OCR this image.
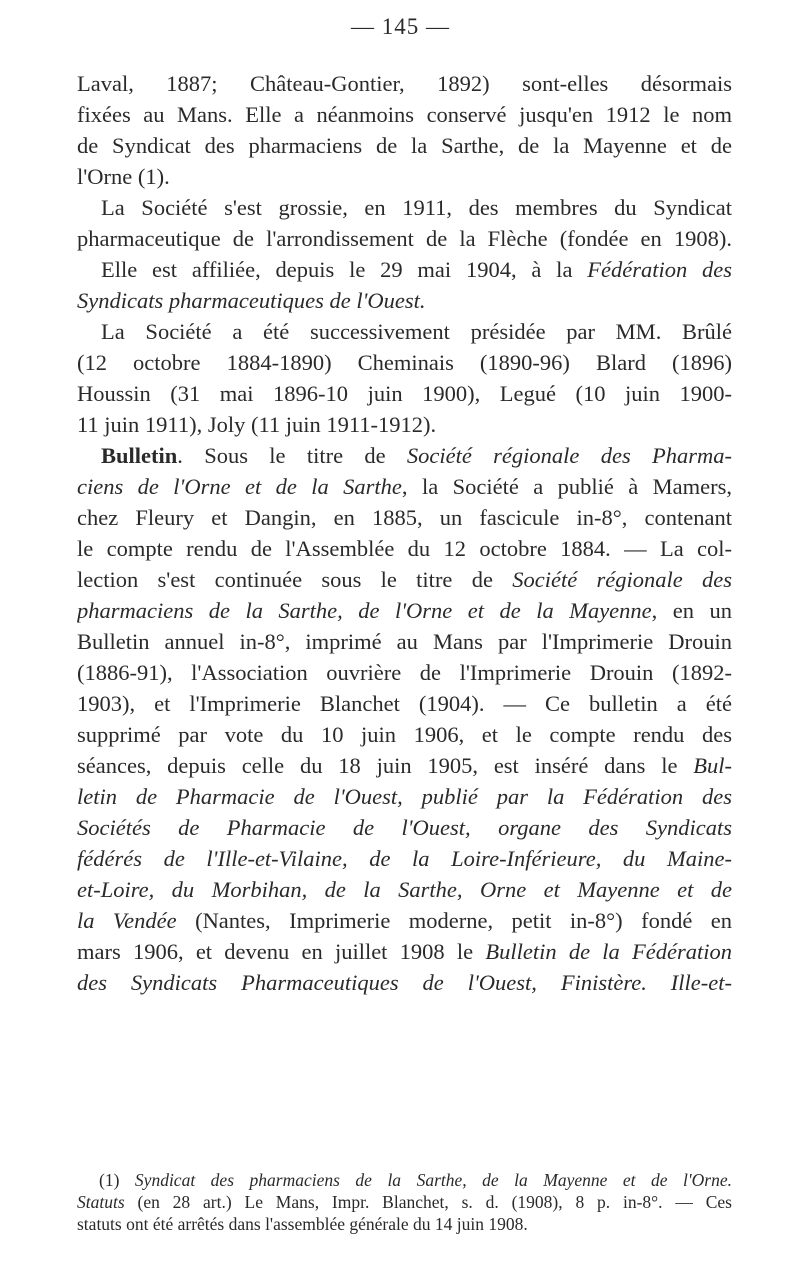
— 145 —
Laval, 1887; Château-Gontier, 1892) sont-elles désormais
fixées au Mans. Elle a néanmoins conservé jusqu'en 1912 le nom
de Syndicat des pharmaciens de la Sarthe, de la Mayenne et de
l'Orne (1).
La Société s'est grossie, en 1911, des membres du Syndicat
pharmaceutique de l'arrondissement de la Flèche (fondée en 1908).
Elle est affiliée, depuis le 29 mai 1904, à la Fédération des
Syndicats pharmaceutiques de l'Ouest.
La Société a été successivement présidée par MM. Brûlé
(12 octobre 1884-1890) Cheminais (1890-96) Blard (1896)
Houssin (31 mai 1896-10 juin 1900), Legué (10 juin 1900-
11 juin 1911), Joly (11 juin 1911-1912).
Bulletin. Sous le titre de Société régionale des Pharma-
ciens de l'Orne et de la Sarthe, la Société a publié à Mamers,
chez Fleury et Dangin, en 1885, un fascicule in-8°, contenant
le compte rendu de l'Assemblée du 12 octobre 1884. — La col-
lection s'est continuée sous le titre de Société régionale des
pharmaciens de la Sarthe, de l'Orne et de la Mayenne, en un
Bulletin annuel in-8°, imprimé au Mans par l'Imprimerie Drouin
(1886-91), l'Association ouvrière de l'Imprimerie Drouin (1892-
1903), et l'Imprimerie Blanchet (1904). — Ce bulletin a été
supprimé par vote du 10 juin 1906, et le compte rendu des
séances, depuis celle du 18 juin 1905, est inséré dans le Bul-
letin de Pharmacie de l'Ouest, publié par la Fédération des
Sociétés de Pharmacie de l'Ouest, organe des Syndicats
fédérés de l'Ille-et-Vilaine, de la Loire-Inférieure, du Maine-
et-Loire, du Morbihan, de la Sarthe, Orne et Mayenne et de
la Vendée (Nantes, Imprimerie moderne, petit in-8°) fondé en
mars 1906, et devenu en juillet 1908 le Bulletin de la Fédération
des Syndicats Pharmaceutiques de l'Ouest, Finistère. Ille-et-
(1) Syndicat des pharmaciens de la Sarthe, de la Mayenne et de l'Orne.
Statuts (en 28 art.) Le Mans, Impr. Blanchet, s. d. (1908), 8 p. in-8°. — Ces
statuts ont été arrêtés dans l'assemblée générale du 14 juin 1908.
